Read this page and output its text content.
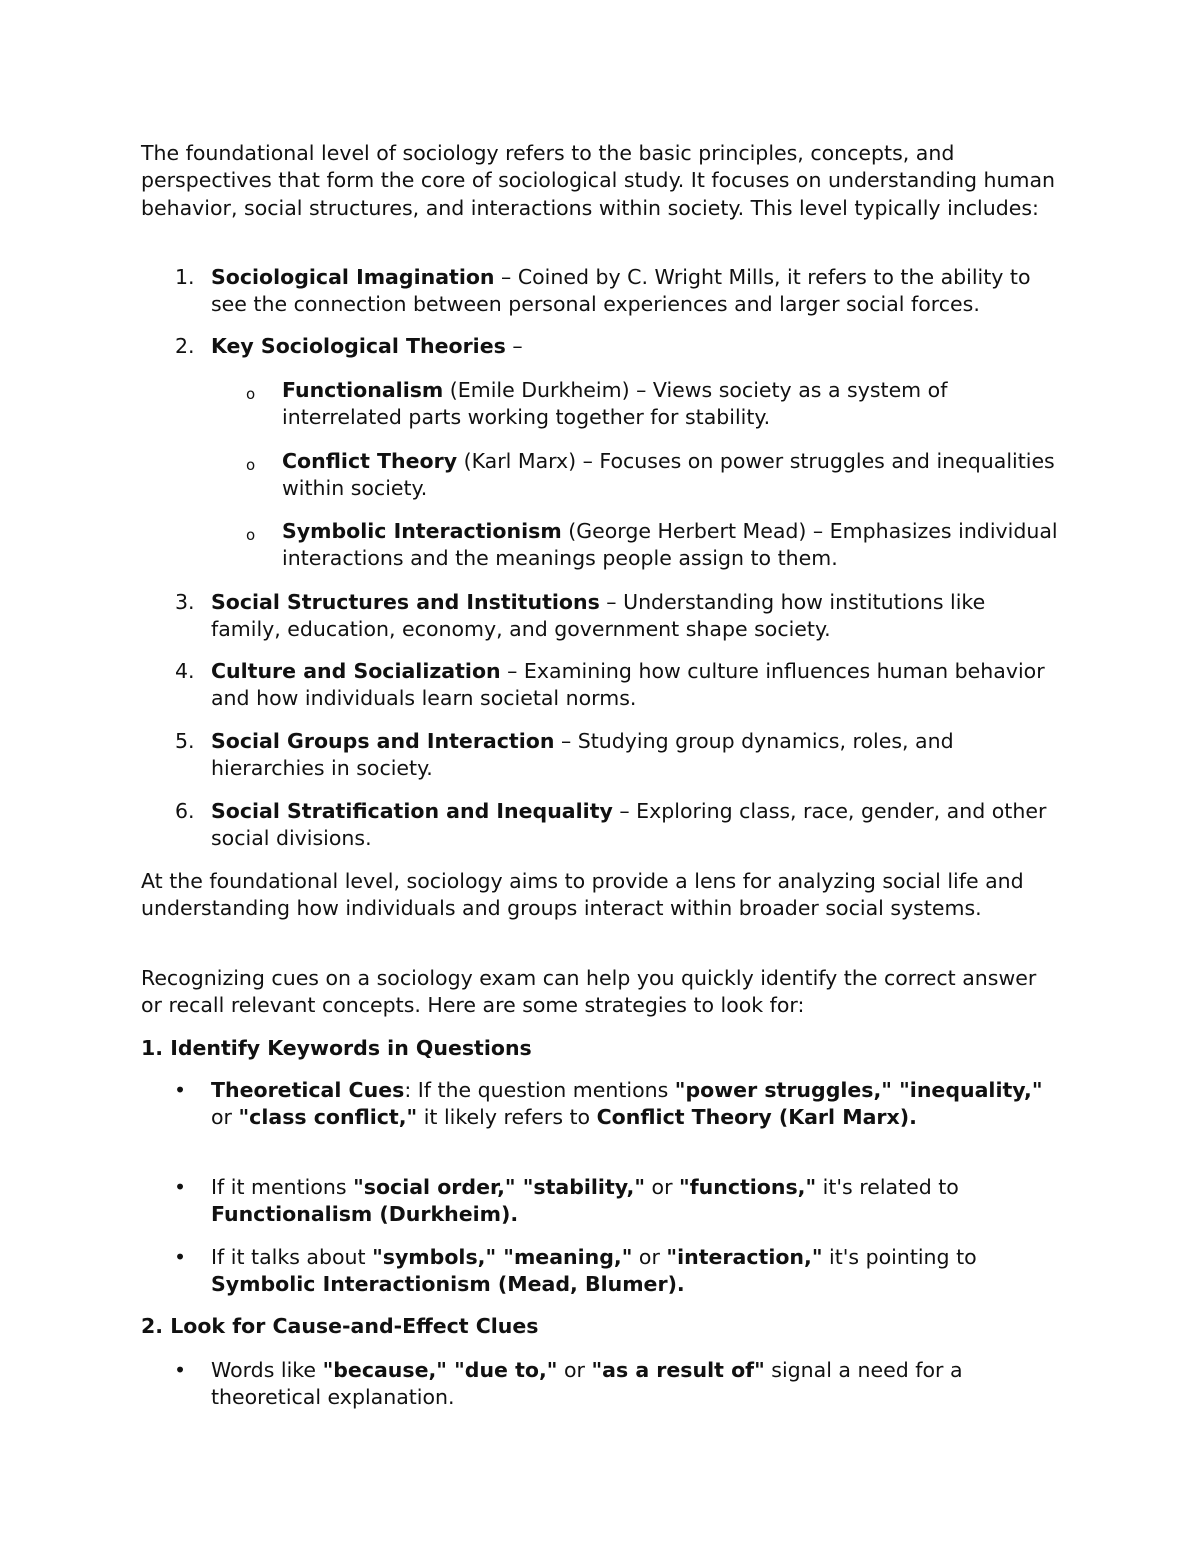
The foundational level of sociology refers to the basic principles, concepts, and perspectives that form the core of sociological study. It focuses on understanding human behavior, social structures, and interactions within society. This level typically includes:

1. Sociological Imagination – Coined by C. Wright Mills, it refers to the ability to see the connection between personal experiences and larger social forces.
2. Key Sociological Theories –
o Functionalism (Emile Durkheim) – Views society as a system of interrelated parts working together for stability.
o Conflict Theory (Karl Marx) – Focuses on power struggles and inequalities within society.
o Symbolic Interactionism (George Herbert Mead) – Emphasizes individual interactions and the meanings people assign to them.
3. Social Structures and Institutions – Understanding how institutions like family, education, economy, and government shape society.
4. Culture and Socialization – Examining how culture influences human behavior and how individuals learn societal norms.
5. Social Groups and Interaction – Studying group dynamics, roles, and hierarchies in society.
6. Social Stratification and Inequality – Exploring class, race, gender, and other social divisions.

At the foundational level, sociology aims to provide a lens for analyzing social life and understanding how individuals and groups interact within broader social systems.

Recognizing cues on a sociology exam can help you quickly identify the correct answer or recall relevant concepts. Here are some strategies to look for:

1. Identify Keywords in Questions
• Theoretical Cues: If the question mentions "power struggles," "inequality," or "class conflict," it likely refers to Conflict Theory (Karl Marx).
• If it mentions "social order," "stability," or "functions," it's related to Functionalism (Durkheim).
• If it talks about "symbols," "meaning," or "interaction," it's pointing to Symbolic Interactionism (Mead, Blumer).
2. Look for Cause-and-Effect Clues
• Words like "because," "due to," or "as a result of" signal a need for a theoretical explanation.
